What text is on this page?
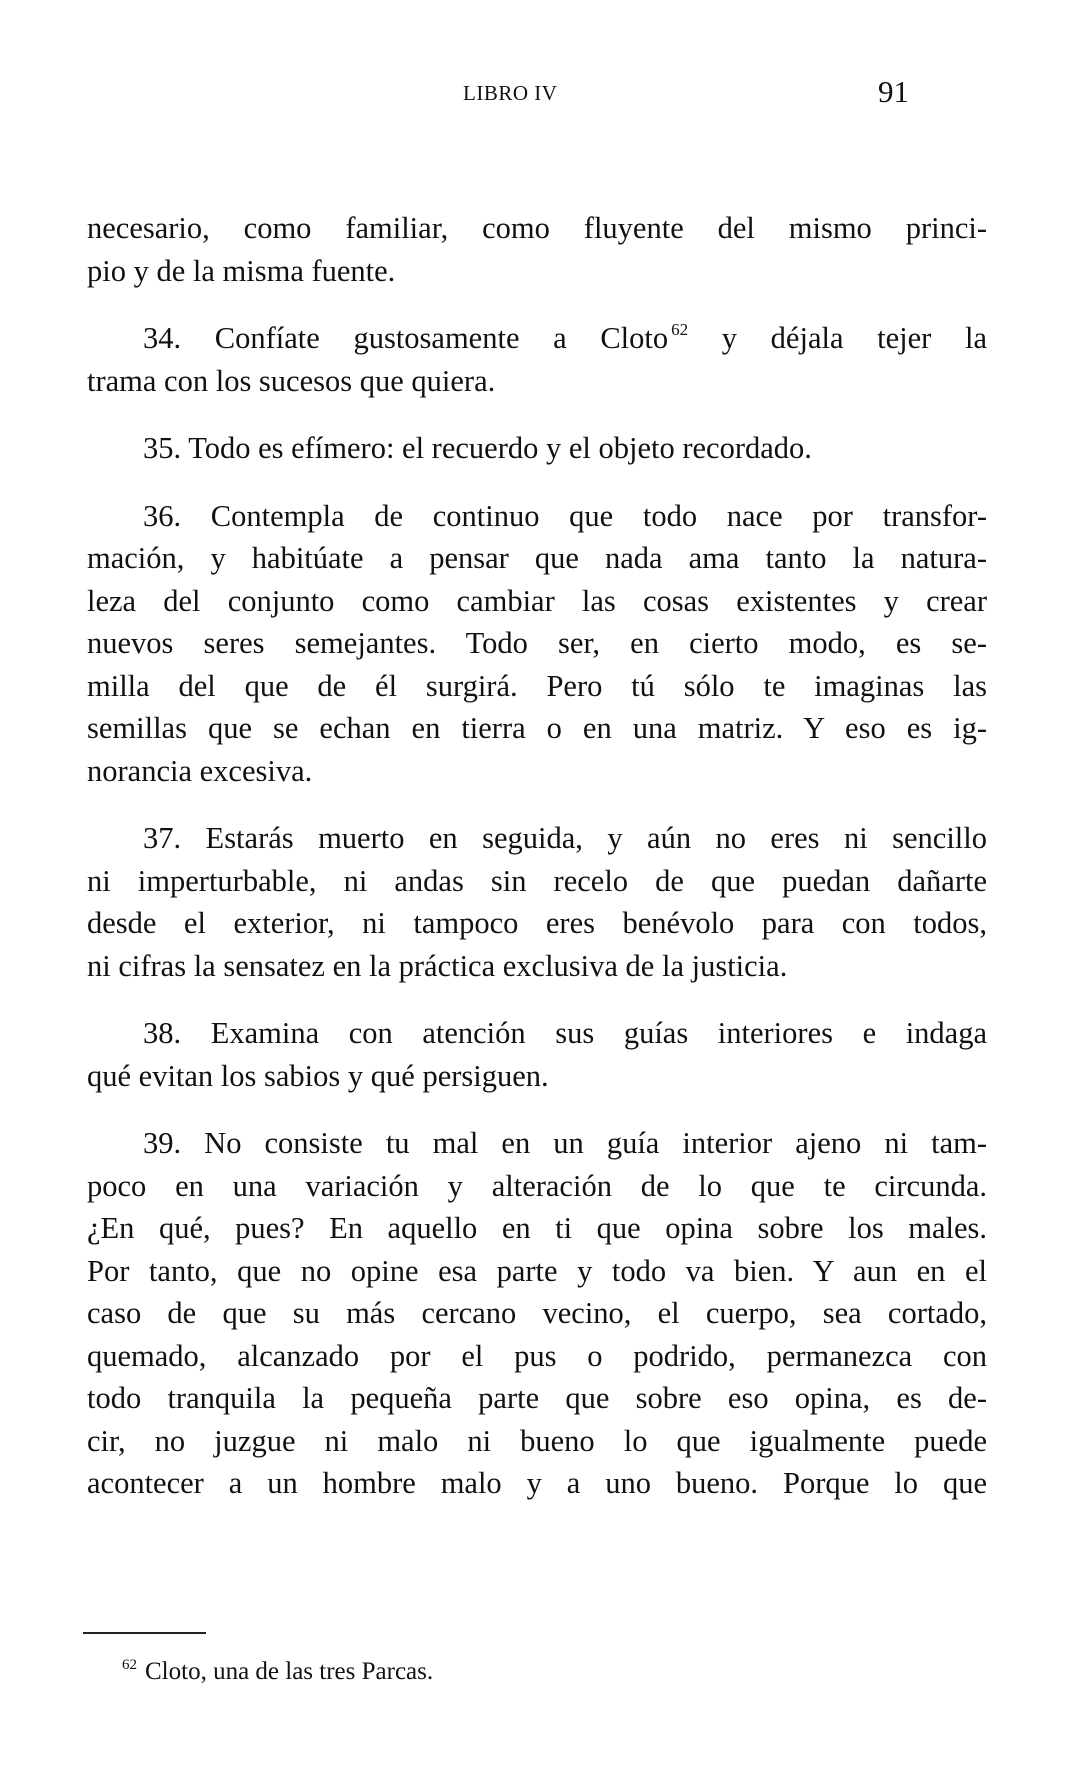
LIBRO IV	91

necesario, como familiar, como fluyente del mismo princi-
pio y de la misma fuente.

34. Confíate gustosamente a Cloto $^{62}$ y déjala tejer la
trama con los sucesos que quiera.

35. Todo es efímero: el recuerdo y el objeto recordado.

36. Contempla de continuo que todo nace por transfor-
mación, y habitúate a pensar que nada ama tanto la natura-
leza del conjunto como cambiar las cosas existentes y crear
nuevos seres semejantes. Todo ser, en cierto modo, es se-
milla del que de él surgirá. Pero tú sólo te imaginas las
semillas que se echan en tierra o en una matriz. Y eso es ig-
norancia excesiva.

37. Estarás muerto en seguida, y aún no eres ni sencillo
ni imperturbable, ni andas sin recelo de que puedan dañarte
desde el exterior, ni tampoco eres benévolo para con todos,
ni cifras la sensatez en la práctica exclusiva de la justicia.

38. Examina con atención sus guías interiores e indaga
qué evitan los sabios y qué persiguen.

39. No consiste tu mal en un guía interior ajeno ni tam-
poco en una variación y alteración de lo que te circunda.
¿En qué, pues? En aquello en ti que opina sobre los males.
Por tanto, que no opine esa parte y todo va bien. Y aun en el
caso de que su más cercano vecino, el cuerpo, sea cortado,
quemado, alcanzado por el pus o podrido, permanezca con
todo tranquila la pequeña parte que sobre eso opina, es de-
cir, no juzgue ni malo ni bueno lo que igualmente puede
acontecer a un hombre malo y a uno bueno. Porque lo que

$^{62}$ Cloto, una de las tres Parcas.
